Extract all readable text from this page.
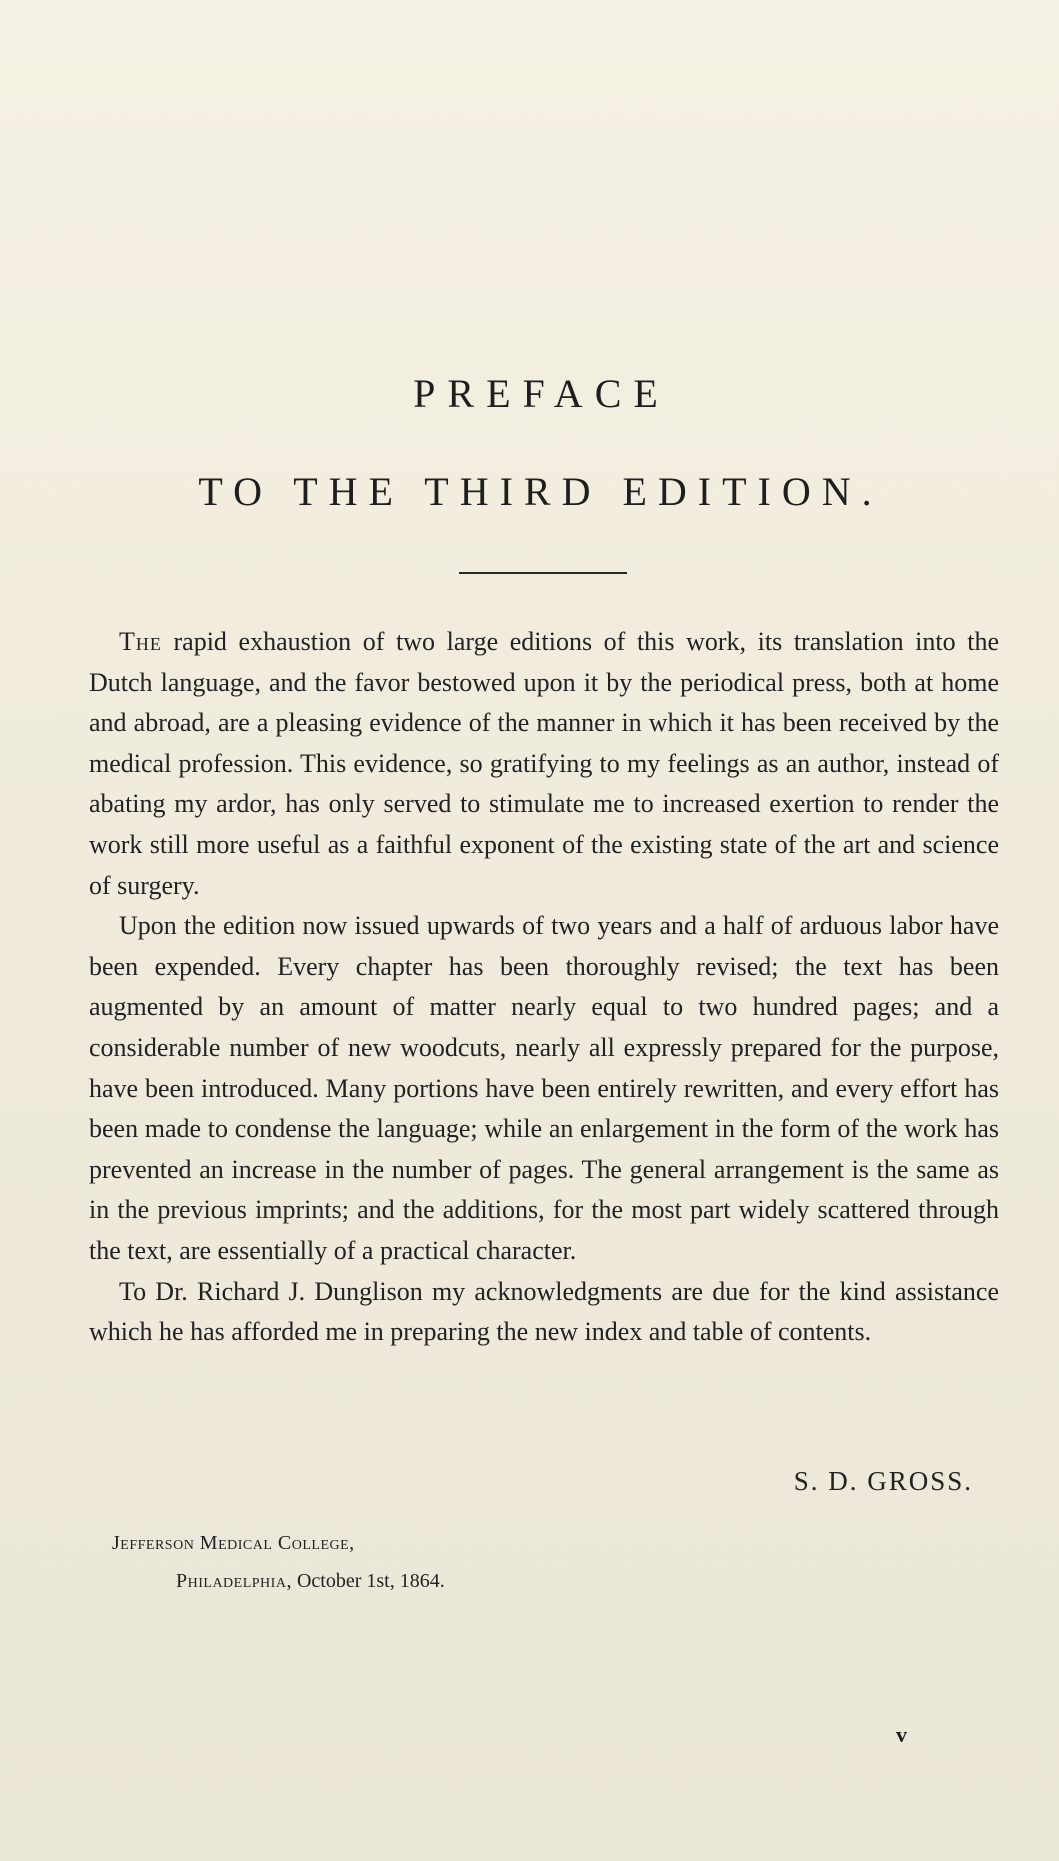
PREFACE
TO THE THIRD EDITION.

The rapid exhaustion of two large editions of this work, its translation into the Dutch language, and the favor bestowed upon it by the periodical press, both at home and abroad, are a pleasing evidence of the manner in which it has been received by the medical profession. This evidence, so gratifying to my feelings as an author, instead of abating my ardor, has only served to stimulate me to increased exertion to render the work still more useful as a faithful exponent of the existing state of the art and science of surgery.

Upon the edition now issued upwards of two years and a half of arduous labor have been expended. Every chapter has been thoroughly revised; the text has been augmented by an amount of matter nearly equal to two hundred pages; and a considerable number of new woodcuts, nearly all expressly prepared for the purpose, have been introduced. Many portions have been entirely rewritten, and every effort has been made to condense the language; while an enlargement in the form of the work has prevented an increase in the number of pages. The general arrangement is the same as in the previous imprints; and the additions, for the most part widely scattered through the text, are essentially of a practical character.

To Dr. Richard J. Dunglison my acknowledgments are due for the kind assistance which he has afforded me in preparing the new index and table of contents.

S. D. GROSS.
Jefferson Medical College,
Philadelphia, October 1st, 1864.
v
